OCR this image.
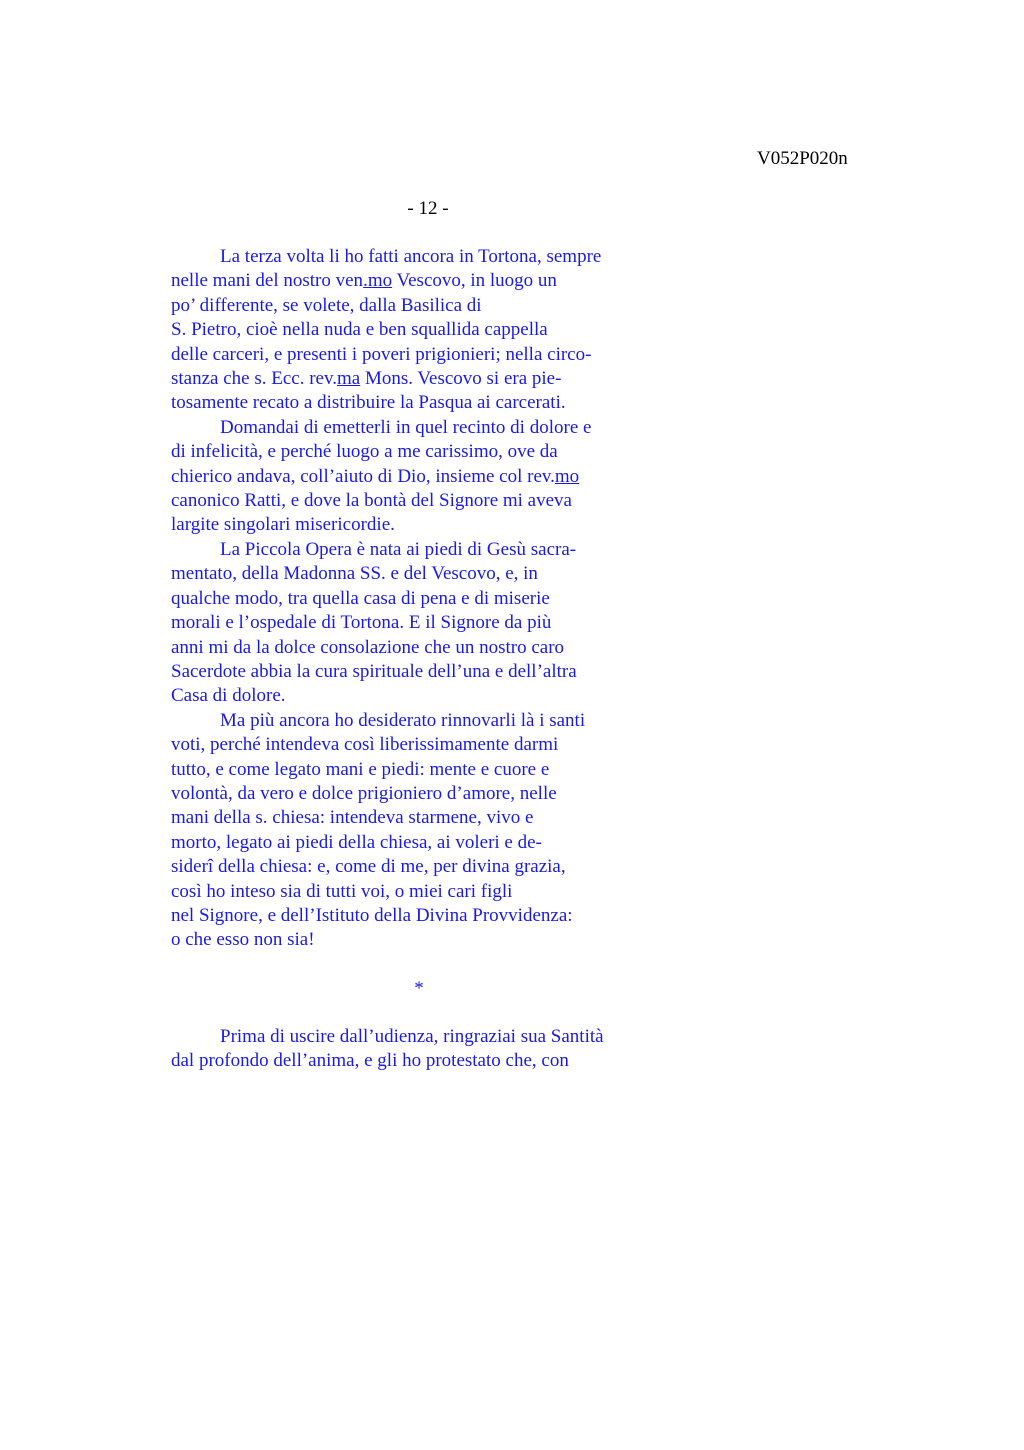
V052P020n
- 12 -
La terza volta li ho fatti ancora in Tortona, sempre
nelle mani del nostro ven.mo Vescovo, in luogo un
po’ differente, se volete, dalla Basilica di
S. Pietro, cioè nella nuda e ben squallida cappella
delle carceri, e presenti i poveri prigionieri; nella circo-
stanza che s. Ecc. rev.ma Mons. Vescovo si era pie-
tosamente recato a distribuire la Pasqua ai carcerati.
Domandai di emetterli in quel recinto di dolore e
di infelicità, e perché luogo a me carissimo, ove da
chierico andava, coll’aiuto di Dio, insieme col rev.mo
canonico Ratti, e dove la bontà del Signore mi aveva
largite singolari misericordie.
La Piccola Opera è nata ai piedi di Gesù sacra-
mentato, della Madonna SS. e del Vescovo, e, in
qualche modo, tra quella casa di pena e di miserie
morali e l’ospedale di Tortona. E il Signore da più
anni mi da la dolce consolazione che un nostro caro
Sacerdote abbia la cura spirituale dell’una e dell’altra
Casa di dolore.
Ma più ancora ho desiderato rinnovarli là i santi
voti, perché intendeva così liberissimamente darmi
tutto, e come legato mani e piedi: mente e cuore e
volontà, da vero e dolce prigioniero d’amore, nelle
mani della s. chiesa: intendeva starmene, vivo e
morto, legato ai piedi della chiesa, ai voleri e de-
siderî della chiesa: e, come di me, per divina grazia,
così ho inteso sia di tutti voi, o miei cari figli
nel Signore, e dell’Istituto della Divina Provvidenza:
o che esso non sia!
*
Prima di uscire dall’udienza, ringraziai sua Santità
dal profondo dell’anima, e gli ho protestato che, con
